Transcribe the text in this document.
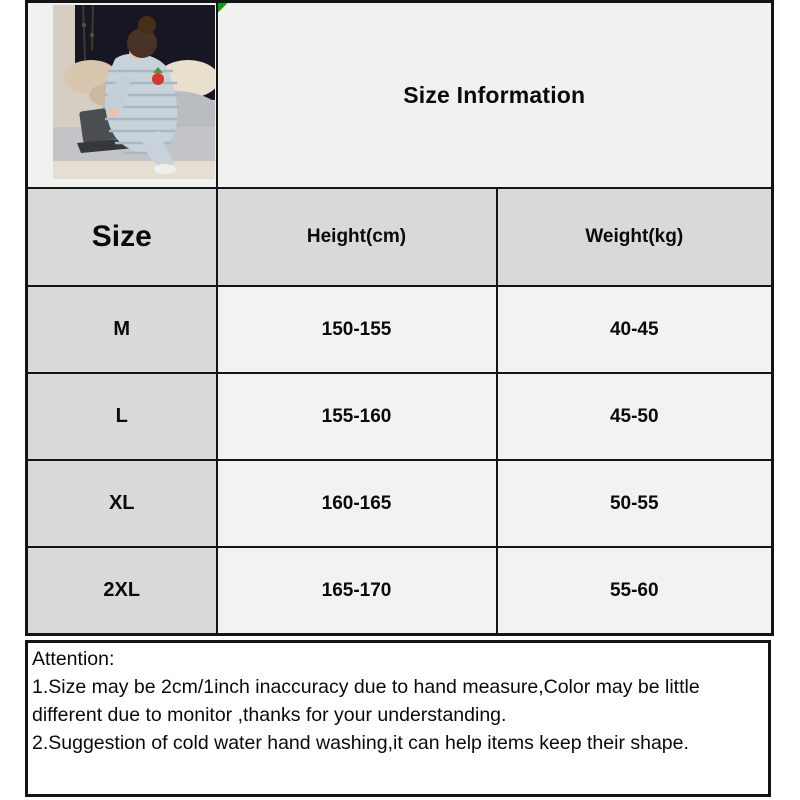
Size Information	
Size	Height(cm)	Weight(kg)
M	150-155	40-45
L	155-160	45-50
XL	160-165	50-55
2XL	165-170	55-60

Attention:

1.Size may be 2cm/1inch inaccuracy due to hand measure,Color may be little different due to monitor ,thanks for your understanding.

2.Suggestion of cold water hand washing,it can help items keep their shape.
